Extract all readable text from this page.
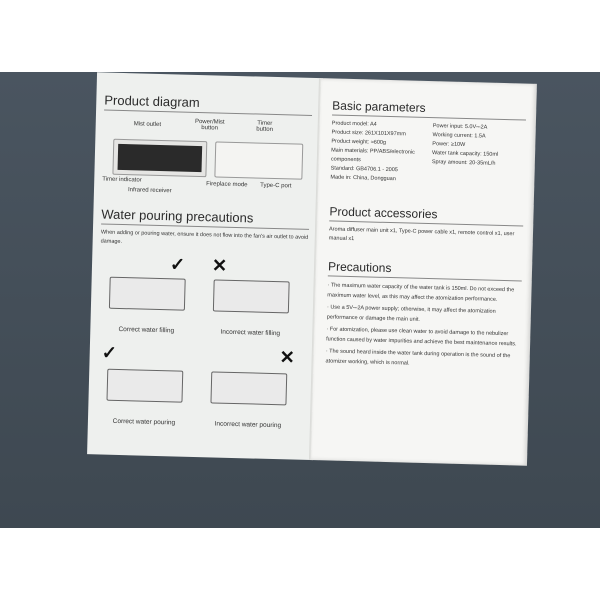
Product diagram
Mist outlet	Power/Mist button
Timer button
Timer indicator
Infrared receiver
Fireplace mode Type-C port
Water pouring precautions
When adding or pouring water, ensure it does not flow into the fan's air outlet to avoid damage.
✓
Correct water filling
✕
Incorrect water filling
✓
Correct water pouring
✕
Incorrect water pouring
Basic parameters
Product model: A4
Product size: 261X101X97mm
Product weight: ≈600g
Main materials: PP/ABS/electronic components
Standard: GB4706.1 - 2005
Made in: China, Dongguan
Power input: 5.0V⎓2A
Working current: 1.5A
Power: ≥10W
Water tank capacity: 150ml
Spray amount: 20-35mL/h
Product accessories
Aroma diffuser main unit x1, Type-C power cable x1, remote control x1, user manual x1
Precautions

· The maximum water capacity of the water tank is 150ml. Do not exceed the maximum water level, as this may affect the atomization performance.

· Use a 5V⎓2A power supply; otherwise, it may affect the atomization performance or damage the main unit.

· For atomization, please use clean water to avoid damage to the nebulizer function caused by water impurities and achieve the best maintenance results.

· The sound heard inside the water tank during operation is the sound of the atomizer working, which is normal.
